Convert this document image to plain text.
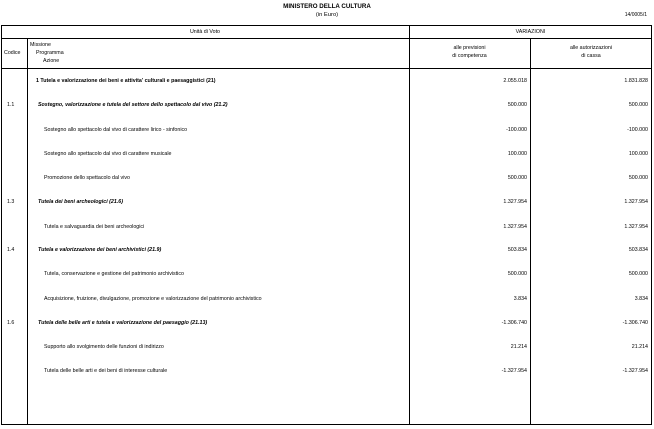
MINISTERO DELLA CULTURA
(in Euro)	14/0005/1
Unità di Voto	VARIAZIONI
Codice
Missione
Programma
Azione
alle previsioni
di competenza
alle autorizzazioni
di cassa
1 Tutela e valorizzazione dei beni e attivita' culturali e paesaggistici (21)	2.055.018	1.831.828
1.1	Sostegno, valorizzazione e tutela del settore dello spettacolo dal vivo (21.2)	500.000	500.000
Sostegno allo spettacolo dal vivo di carattere lirico - sinfonico	-100.000	-100.000
Sostegno allo spettacolo dal vivo di carattere musicale	100.000	100.000
Promozione dello spettacolo dal vivo	500.000	500.000
1.3	Tutela dei beni archeologici (21.6)	1.327.954	1.327.954
Tutela e salvaguardia dei beni archeologici	1.327.954	1.327.954
1.4	Tutela e valorizzazione dei beni archivistici (21.9)	503.834	503.834
Tutela, conservazione e gestione del patrimonio archivistico	500.000	500.000
Acquisizione, fruizione, divulgazione, promozione e valorizzazione del patrimonio archivistico	3.834	3.834
1.6	Tutela delle belle arti e tutela e valorizzazione del paesaggio (21.13)	-1.306.740	-1.306.740
Supporto allo svolgimento delle funzioni di indirizzo	21.214	21.214
Tutela delle belle arti e dei beni di interesse culturale	-1.327.954	-1.327.954
